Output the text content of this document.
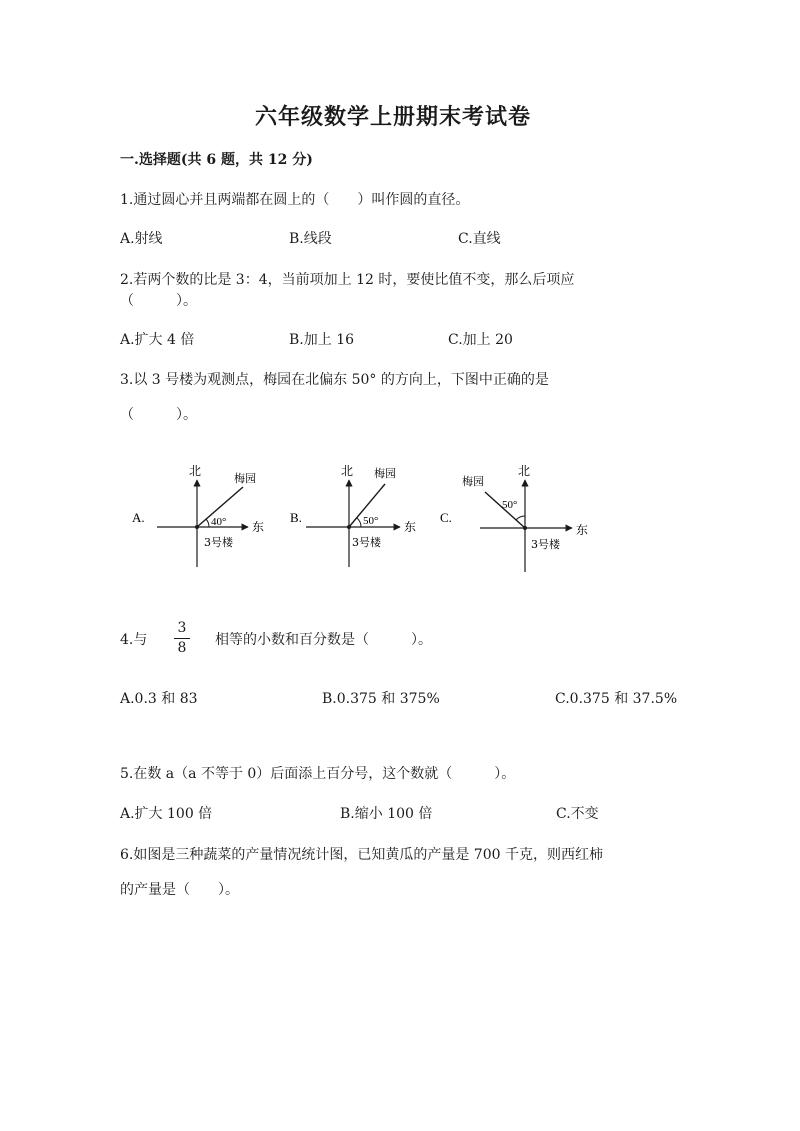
六年级数学上册期末考试卷
一.选择题(共 6 题，共 12 分)
1.通过圆心并且两端都在圆上的（　　）叫作圆的直径。
A.射线	B.线段	C.直线
2.若两个数的比是 3：4，当前项加上 12 时，要使比值不变，那么后项应
（　　　）。
A.扩大 4 倍	B.加上 16	C.加上 20
3.以 3 号楼为观测点，梅园在北偏东 50° 的方向上，下图中正确的是
（　　　）。
A.
北
梅园
40° 东
3号楼
B.
北 梅园
50° 东
3号楼
C.
北
梅园
50°
东
3号楼
4.与
3
8	相等的小数和百分数是（　　　）。
A.0.3 和 83	B.0.375 和 375%	C.0.375 和 37.5%
5.在数 a（a 不等于 0）后面添上百分号，这个数就（　　　）。
A.扩大 100 倍	B.缩小 100 倍	C.不变
6.如图是三种蔬菜的产量情况统计图，已知黄瓜的产量是 700 千克，则西红柿
的产量是（　　）。
